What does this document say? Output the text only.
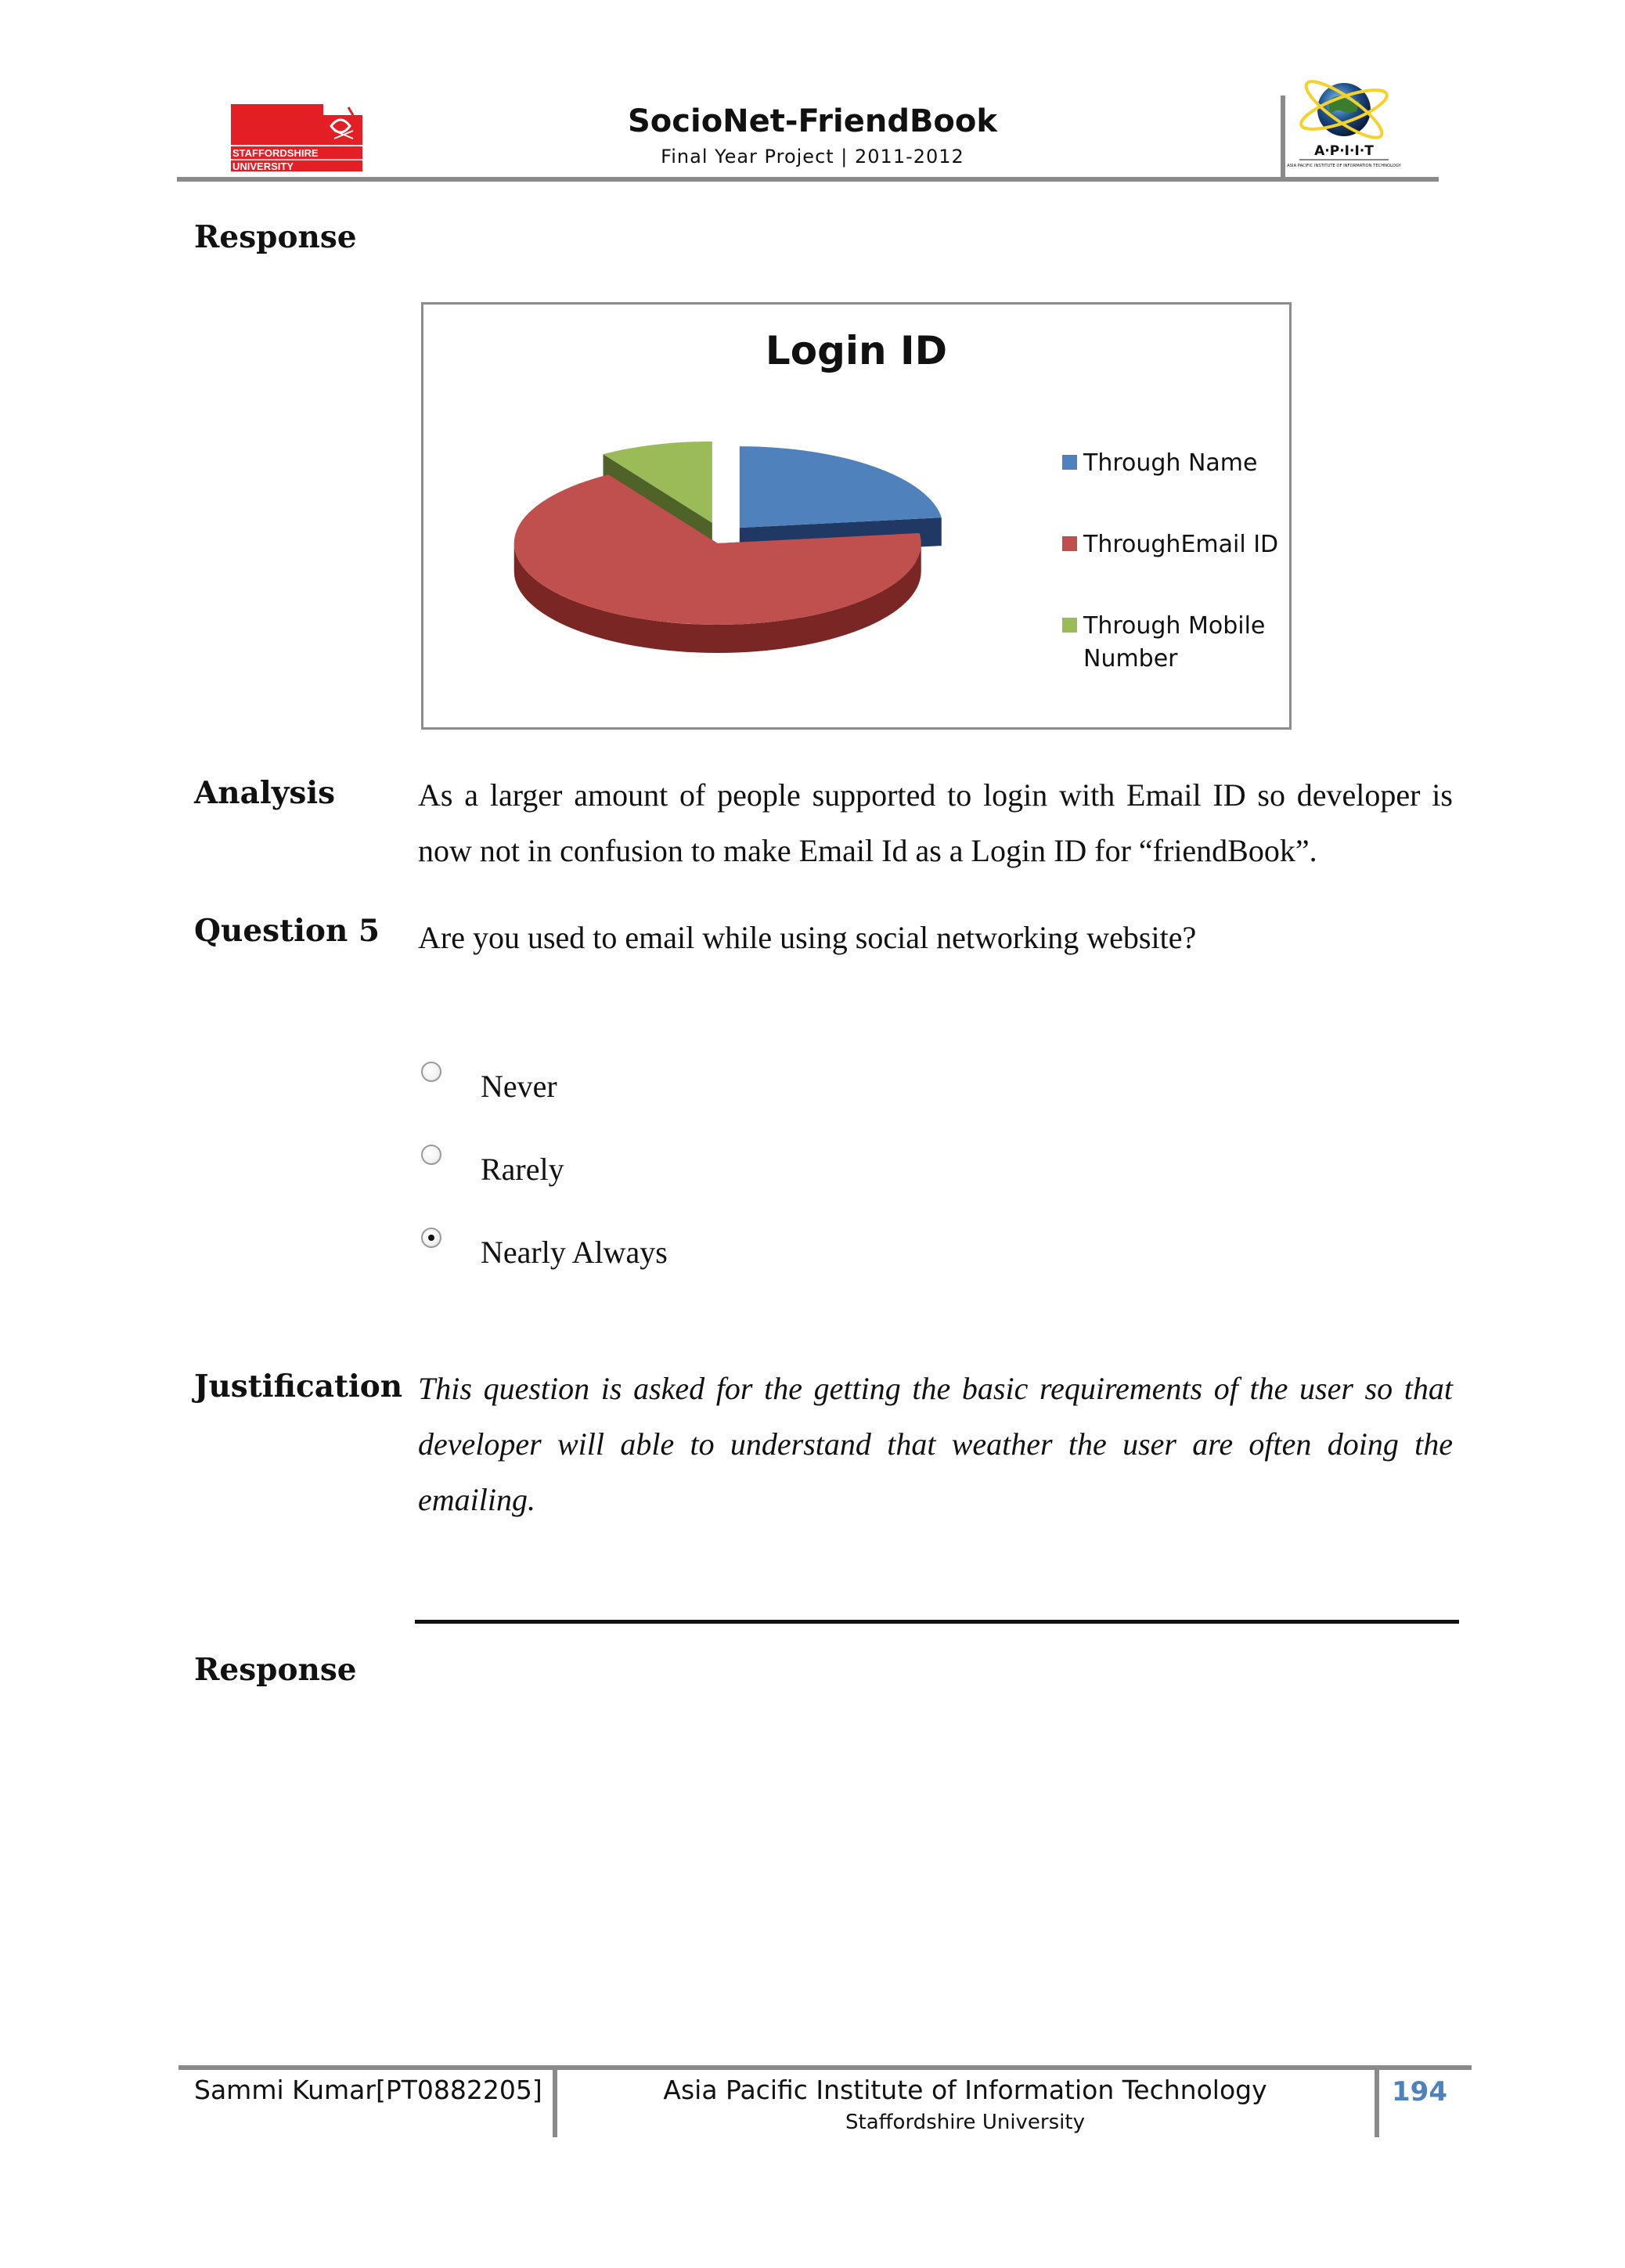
STAFFORDSHIRE
UNIVERSITY
SocioNet-FriendBook
Final Year Project | 2011-2012	A·P·I·I·T
ASIA PACIFIC INSTITUTE OF INFORMATION TECHNOLOGY
Response
Login ID
Through Name
ThroughEmail ID
Through Mobile Number
Analysis	As a larger amount of people supported to login with Email ID so developer is now not in confusion to make Email Id as a Login ID for “friendBook”.
Question 5 Are you used to email while using social networking website?
Never
Rarely
Nearly Always
Justification This question is asked for the getting the basic requirements of the user so that developer will able to understand that weather the user are often doing the emailing.
Response
Sammi Kumar[PT0882205]	Asia Pacific Institute of Information Technology
Staffordshire University
194
